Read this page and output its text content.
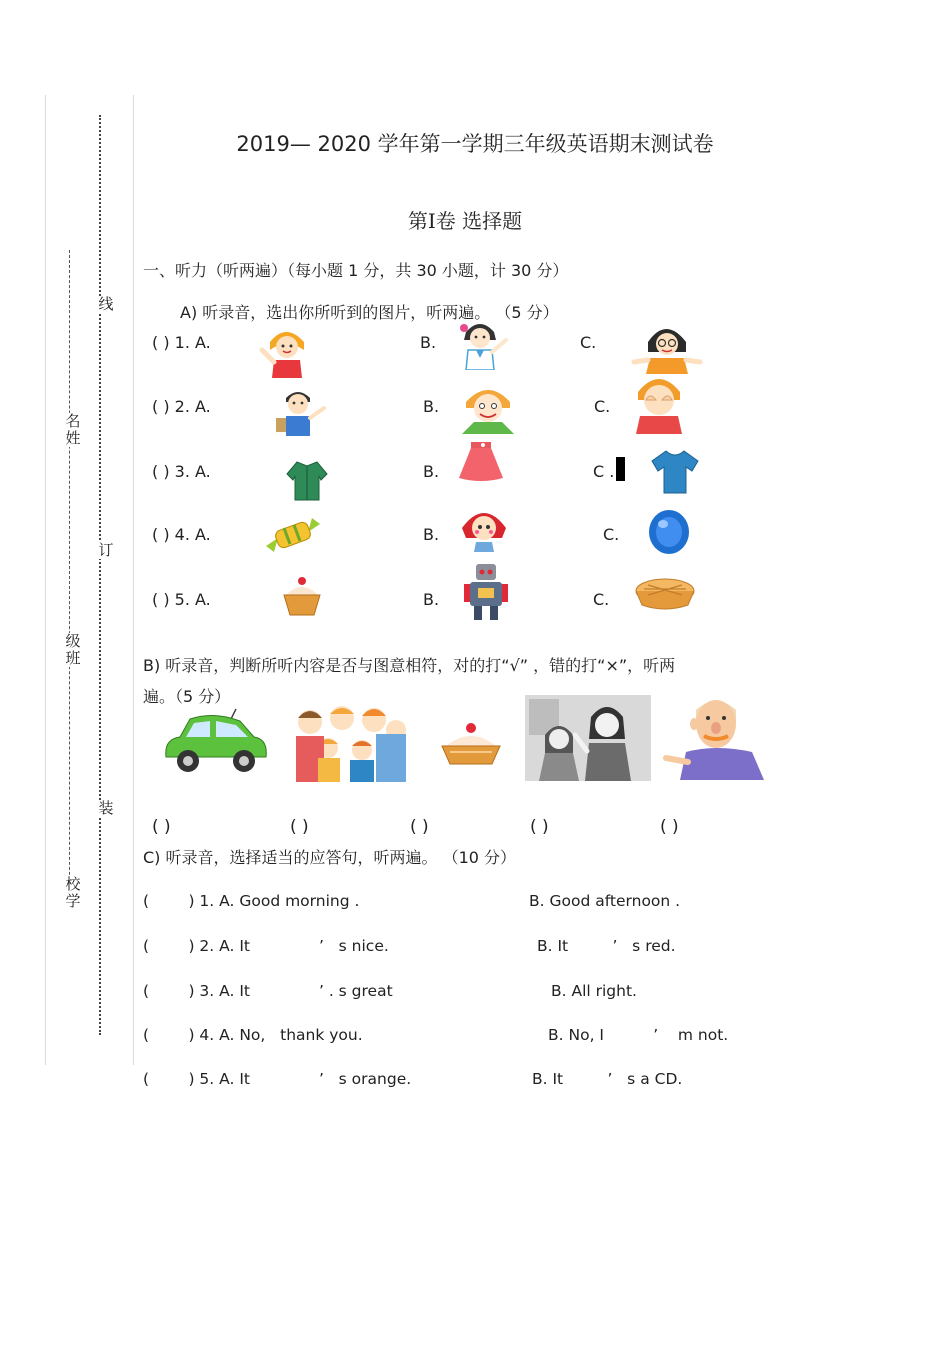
线
订
装
名姓
级班
校学
2019— 2020 学年第一学期三年级英语期末测试卷
第Ⅰ卷 选择题
一、听力（听两遍）（每小题 1 分，共 30 小题，计 30 分）
A) 听录音，选出你所听到的图片，听两遍。 （5 分）
( ) 1. A.	B.	C.
( ) 2. A.	B.	C.
( ) 3. A.	B.	C .
( ) 4. A.	B.	C.
( ) 5. A.	B.	C.
B) 听录音，判断所听内容是否与图意相符，对的打“√” ，错的打“×”，听两
遍。（5 分）
( )	( )	( )	( )	( )
C) 听录音，选择适当的应答句，听两遍。 （10 分）
(        ) 1. A. Good morning .	B. Good afternoon .
(        ) 2. A. It              ’   s nice.	B. It         ’   s red.
(        ) 3. A. It              ’ . s great	B. All right.
(        ) 4. A. No,   thank you.	B. No, I          ’    m not.
(        ) 5. A. It              ’   s orange.	B. It         ’   s a CD.
